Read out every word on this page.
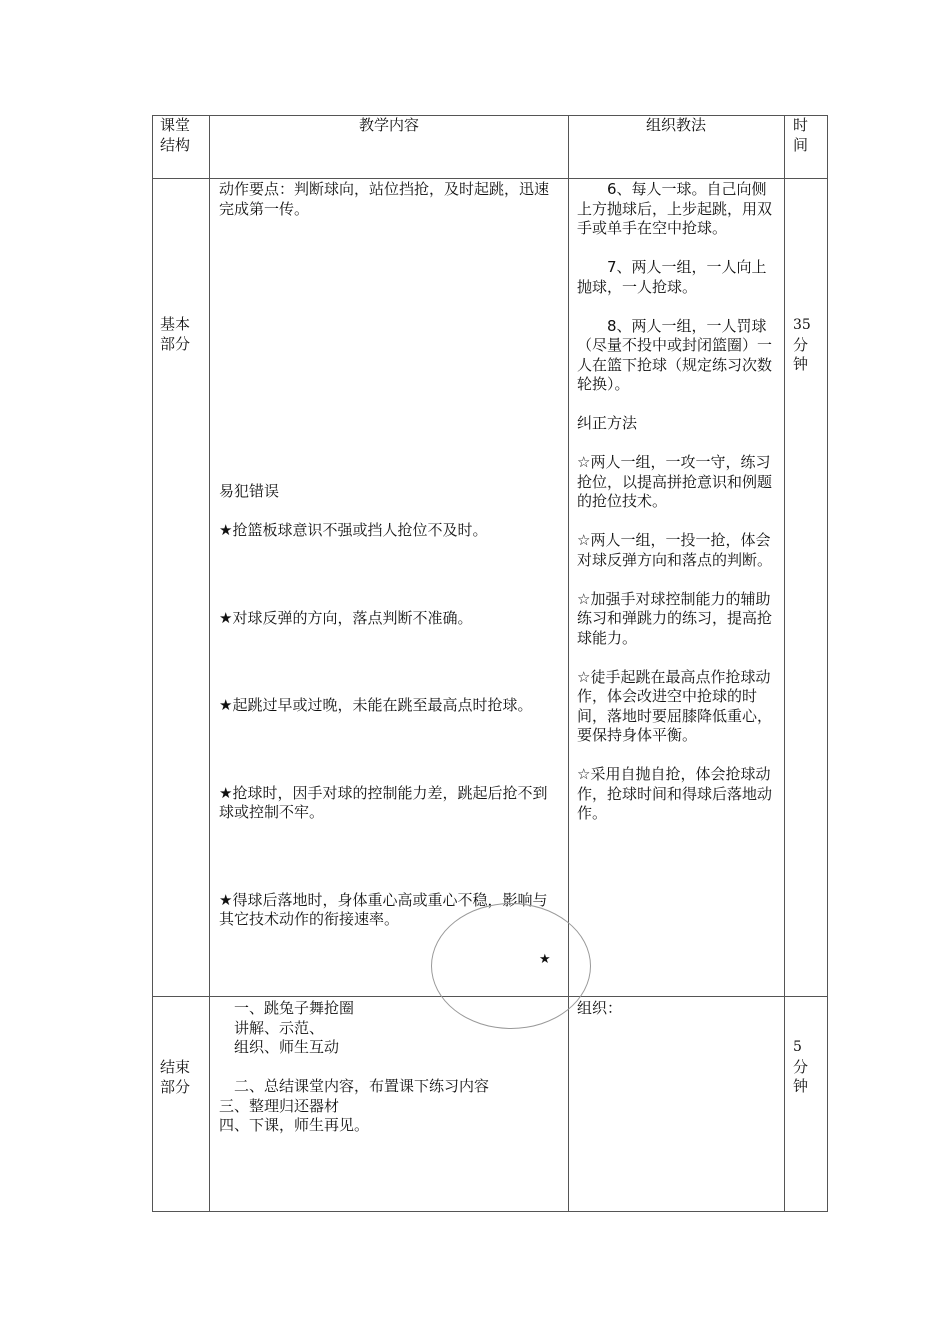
课堂
结构
教学内容	组织教法	时
间
基本
部分

动作要点：判断球向，站位挡抢，及时起跳，迅速完成第一传。

易犯错误

★抢篮板球意识不强或挡人抢位不及时。

★对球反弹的方向，落点判断不准确。

★起跳过早或过晚，未能在跳至最高点时抢球。

★抢球时，因手对球的控制能力差，跳起后抢不到球或控制不牢。

★得球后落地时，身体重心高或重心不稳，影响与其它技术动作的衔接速率。

　　6、每人一球。自己向侧上方抛球后，上步起跳，用双手或单手在空中抢球。

　　7、两人一组，一人向上抛球，一人抢球。

　　8、两人一组，一人罚球（尽量不投中或封闭篮圈）一人在篮下抢球（规定练习次数轮换）。

纠正方法

☆两人一组，一攻一守，练习抢位，以提高拼抢意识和例题的抢位技术。

☆两人一组，一投一抢，体会对球反弹方向和落点的判断。

☆加强手对球控制能力的辅助练习和弹跳力的练习，提高抢球能力。

☆徒手起跳在最高点作抢球动作，体会改进空中抢球的时间，落地时要屈膝降低重心，要保持身体平衡。

☆采用自抛自抢，体会抢球动作，抢球时间和得球后落地动作。

35
分
钟
结束
部分

　一、跳兔子舞抢圈

　讲解、示范、

　组织、师生互动

　二、总结课堂内容，布置课下练习内容

三、整理归还器材

四、下课，师生再见。

组织：
★
5
分
钟
